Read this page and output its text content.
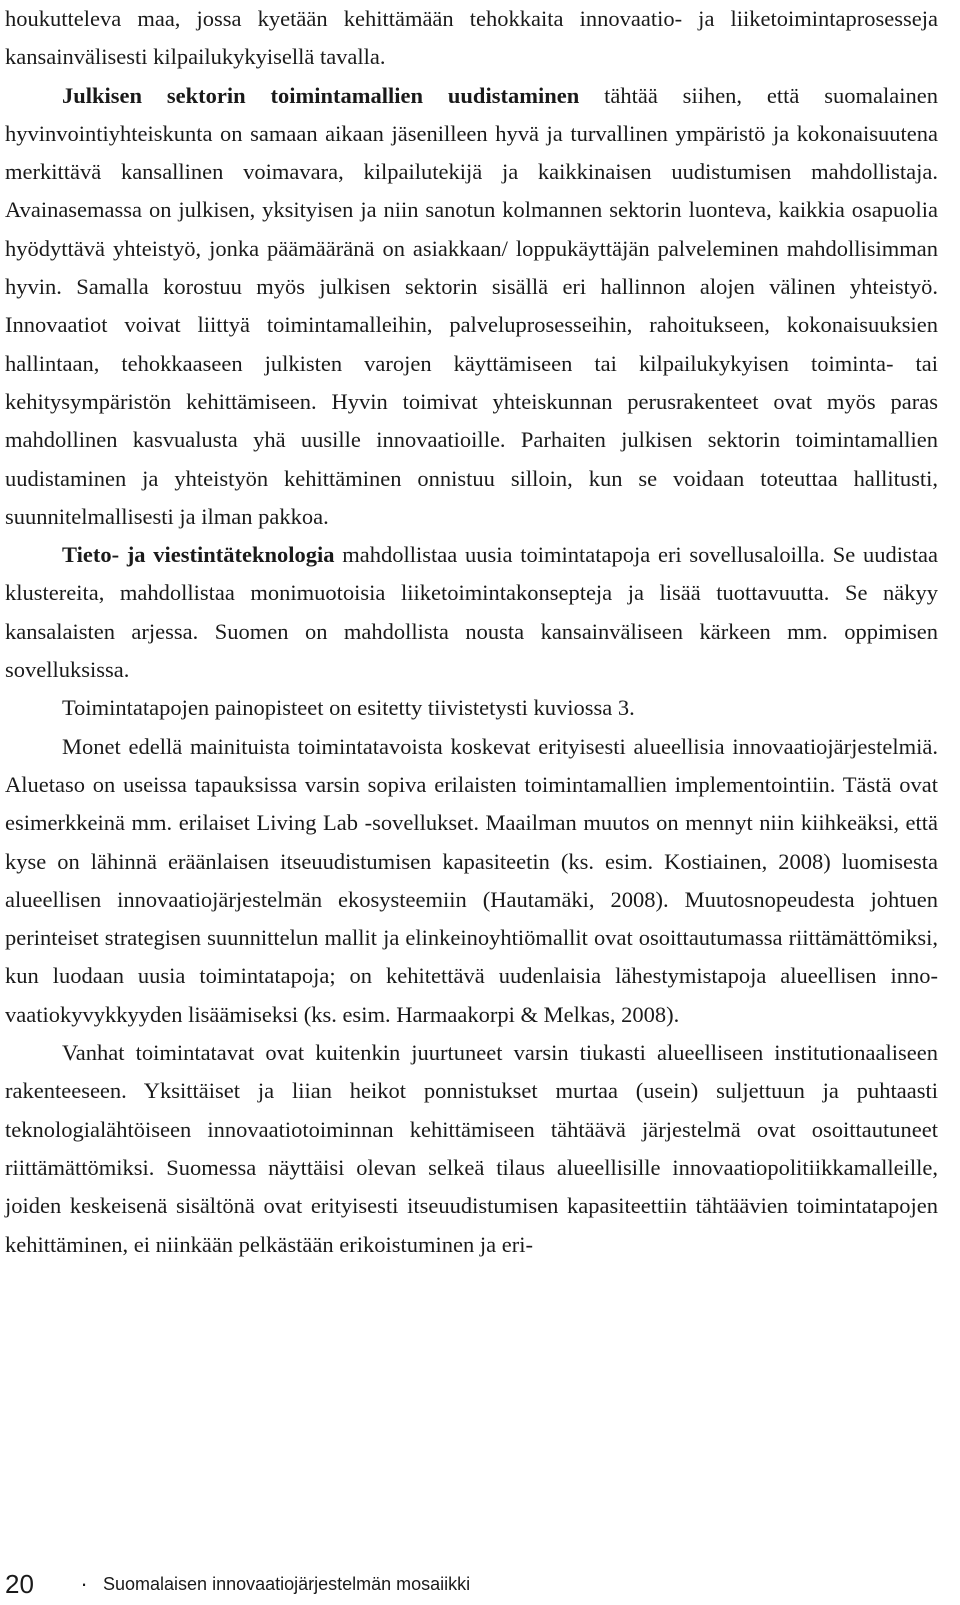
houkutteleva maa, jossa kyetään kehittämään tehokkaita innovaatio- ja liiketoimintaprosesseja kansainvälisesti kilpailukykyisellä tavalla.

Julkisen sektorin toimintamallien uudistaminen tähtää siihen, että suomalainen hyvinvointiyhteiskunta on samaan aikaan jäsenilleen hyvä ja turvallinen ympäristö ja kokonaisuutena merkittävä kansallinen voimavara, kilpailutekijä ja kaikkinaisen uudistumisen mahdollistaja. Avainasemassa on julkisen, yksityisen ja niin sanotun kolmannen sektorin luonteva, kaikkia osapuolia hyödyttävä yhteistyö, jonka päämääränä on asiakkaan/ loppukäyttäjän palveleminen mahdollisimman hyvin. Samalla korostuu myös julkisen sektorin sisällä eri hallinnon alojen välinen yhteistyö. Innovaatiot voivat liittyä toimintamalleihin, palveluprosesseihin, rahoitukseen, kokonaisuuksien hallintaan, tehokkaaseen julkisten varojen käyttämiseen tai kilpailukykyisen toiminta- tai kehitysympäristön kehittämiseen. Hyvin toimivat yhteiskunnan perusrakenteet ovat myös paras mahdollinen kasvualusta yhä uusille innovaatioille. Parhaiten julkisen sektorin toimintamallien uudistaminen ja yhteistyön kehittäminen onnistuu silloin, kun se voidaan toteuttaa hallitusti, suunnitelmallisesti ja ilman pakkoa.

Tieto- ja viestintäteknologia mahdollistaa uusia toimintatapoja eri sovellusaloilla. Se uudistaa klustereita, mahdollistaa monimuotoisia liiketoimintakonsepteja ja lisää tuottavuutta. Se näkyy kansalaisten arjessa. Suomen on mahdollista nousta kansainväliseen kärkeen mm. oppimisen sovelluksissa.

Toimintatapojen painopisteet on esitetty tiivistetysti kuviossa 3.

Monet edellä mainituista toimintatavoista koskevat erityisesti alueellisia innovaatiojärjestelmiä. Aluetaso on useissa tapauksissa varsin sopiva erilaisten toimintamallien implementointiin. Tästä ovat esimerkkeinä mm. erilaiset Living Lab -sovellukset. Maailman muutos on mennyt niin kiihkeäksi, että kyse on lähinnä eräänlaisen itseuudistumisen kapasiteetin (ks. esim. Kostiainen, 2008) luomisesta alueellisen innovaatiojärjestelmän ekosysteemiin (Hautamäki, 2008). Muutosnopeudesta johtuen perinteiset strategisen suunnittelun mallit ja elinkeinoyhtiömallit ovat osoittautumassa riittämättömiksi, kun luodaan uusia toimintatapoja; on kehitettävä uudenlaisia lähestymistapoja alueellisen innovaatiokyvykkyyden lisäämiseksi (ks. esim. Harmaakorpi & Melkas, 2008).

Vanhat toimintatavat ovat kuitenkin juurtuneet varsin tiukasti alueelliseen institutionaaliseen rakenteeseen. Yksittäiset ja liian heikot ponnistukset murtaa (usein) suljettuun ja puhtaasti teknologialähtöiseen innovaatiotoiminnan kehittämiseen tähtäävä järjestelmä ovat osoittautuneet riittämättömiksi. Suomessa näyttäisi olevan selkeä tilaus alueellisille innovaatiopolitiikkamalleille, joiden keskeisenä sisältönä ovat erityisesti itseuudistumisen kapasiteettiin tähtäävien toimintatapojen kehittäminen, ei niinkään pelkästään erikoistuminen ja eri-

20	· Suomalaisen innovaatiojärjestelmän mosaiikki
